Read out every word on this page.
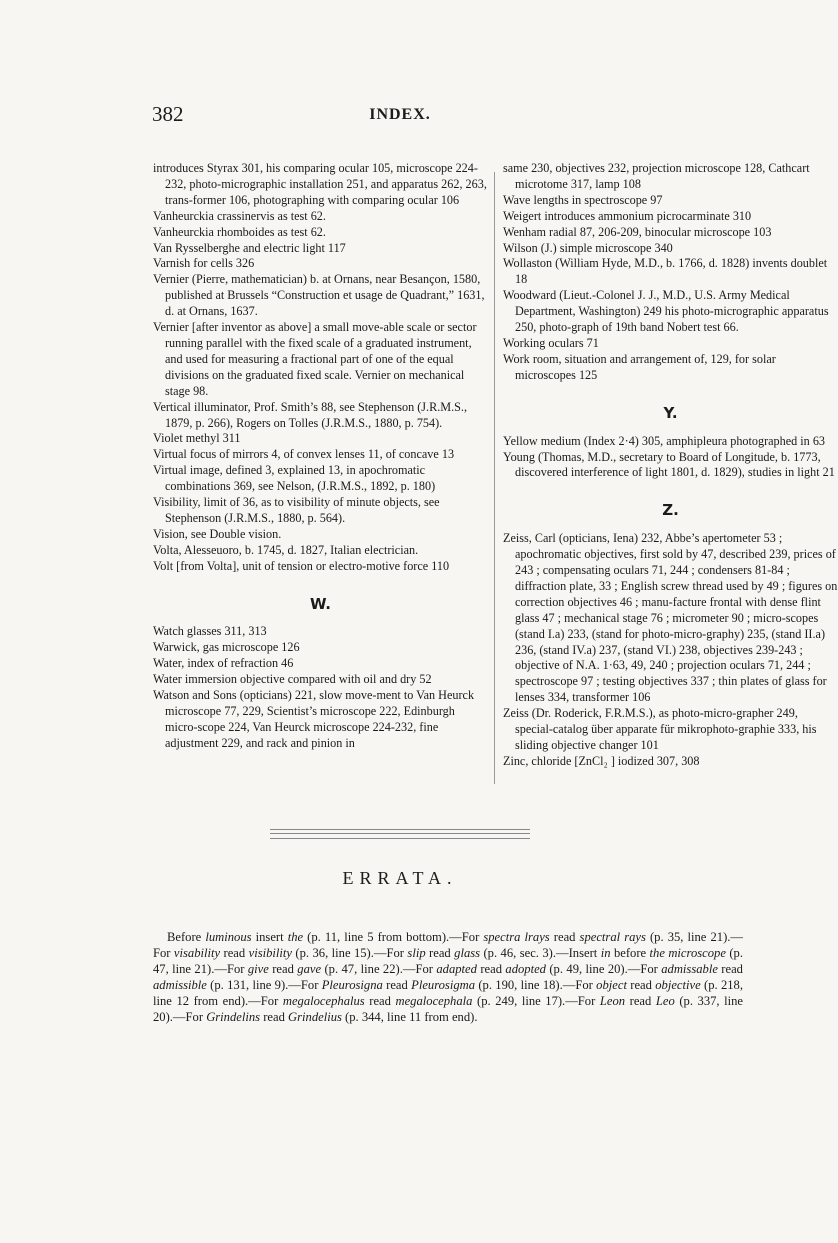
382	INDEX.

introduces Styrax 301, his comparing ocular 105, microscope 224-232, photo-micrographic installation 251, and apparatus 262, 263, trans-former 106, photographing with comparing ocular 106

Vanheurckia crassinervis as test 62.

Vanheurckia rhomboides as test 62.

Van Rysselberghe and electric light 117

Varnish for cells 326

Vernier (Pierre, mathematician) b. at Ornans, near Besançon, 1580, published at Brussels “Construction et usage de Quadrant,” 1631, d. at Ornans, 1637.

Vernier [after inventor as above] a small move-able scale or sector running parallel with the fixed scale of a graduated instrument, and used for measuring a fractional part of one of the equal divisions on the graduated fixed scale. Vernier on mechanical stage 98.

Vertical illuminator, Prof. Smith’s 88, see Stephenson (J.R.M.S., 1879, p. 266), Rogers on Tolles (J.R.M.S., 1880, p. 754).

Violet methyl 311

Virtual focus of mirrors 4, of convex lenses 11, of concave 13

Virtual image, defined 3, explained 13, in apochromatic combinations 369, see Nelson, (J.R.M.S., 1892, p. 180)

Visibility, limit of 36, as to visibility of minute objects, see Stephenson (J.R.M.S., 1880, p. 564).

Vision, see Double vision.

Volta, Alesseuoro, b. 1745, d. 1827, Italian electrician.

Volt [from Volta], unit of tension or electro-motive force 110

W.

Watch glasses 311, 313

Warwick, gas microscope 126

Water, index of refraction 46

Water immersion objective compared with oil and dry 52

Watson and Sons (opticians) 221, slow move-ment to Van Heurck microscope 77, 229, Scientist’s microscope 222, Edinburgh micro-scope 224, Van Heurck microscope 224-232, fine adjustment 229, and rack and pinion in

same 230, objectives 232, projection microscope 128, Cathcart microtome 317, lamp 108

Wave lengths in spectroscope 97

Weigert introduces ammonium picrocarminate 310

Wenham radial 87, 206-209, binocular microscope 103

Wilson (J.) simple microscope 340

Wollaston (William Hyde, M.D., b. 1766, d. 1828) invents doublet 18

Woodward (Lieut.-Colonel J. J., M.D., U.S. Army Medical Department, Washington) 249 his photo-micrographic apparatus 250, photo-graph of 19th band Nobert test 66.

Working oculars 71

Work room, situation and arrangement of, 129, for solar microscopes 125

Y.

Yellow medium (Index 2·4) 305, amphipleura photographed in 63

Young (Thomas, M.D., secretary to Board of Longitude, b. 1773, discovered interference of light 1801, d. 1829), studies in light 21

Z.

Zeiss, Carl (opticians, Iena) 232, Abbe’s apertometer 53 ; apochromatic objectives, first sold by 47, described 239, prices of 243 ; compensating oculars 71, 244 ; condensers 81-84 ; diffraction plate, 33 ; English screw thread used by 49 ; figures on correction objectives 46 ; manu-facture frontal with dense flint glass 47 ; mechanical stage 76 ; micrometer 90 ; micro-scopes (stand I.a) 233, (stand for photo-micro-graphy) 235, (stand II.a) 236, (stand IV.a) 237, (stand VI.) 238, objectives 239-243 ; objective of N.A. 1·63, 49, 240 ; projection oculars 71, 244 ; spectroscope 97 ; testing objectives 337 ; thin plates of glass for lenses 334, transformer 106

Zeiss (Dr. Roderick, F.R.M.S.), as photo-micro-grapher 249, special-catalog über apparate für mikrophoto-graphie 333, his sliding objective changer 101

Zinc, chloride [ZnCl₂ ] iodized 307, 308

ERRATA.

Before luminous insert the (p. 11, line 5 from bottom).—For spectra lrays read spectral rays (p. 35, line 21).—For visability read visibility (p. 36, line 15).—For slip read glass (p. 46, sec. 3).—Insert in before the microscope (p. 47, line 21).—For give read gave (p. 47, line 22).—For adapted read adopted (p. 49, line 20).—For admissable read admissible (p. 131, line 9).—For Pleurosigna read Pleurosigma (p. 190, line 18).—For object read objective (p. 218, line 12 from end).—For megalocephalus read megalocephala (p. 249, line 17).—For Leon read Leo (p. 337, line 20).—For Grindelins read Grindelius (p. 344, line 11 from end).
